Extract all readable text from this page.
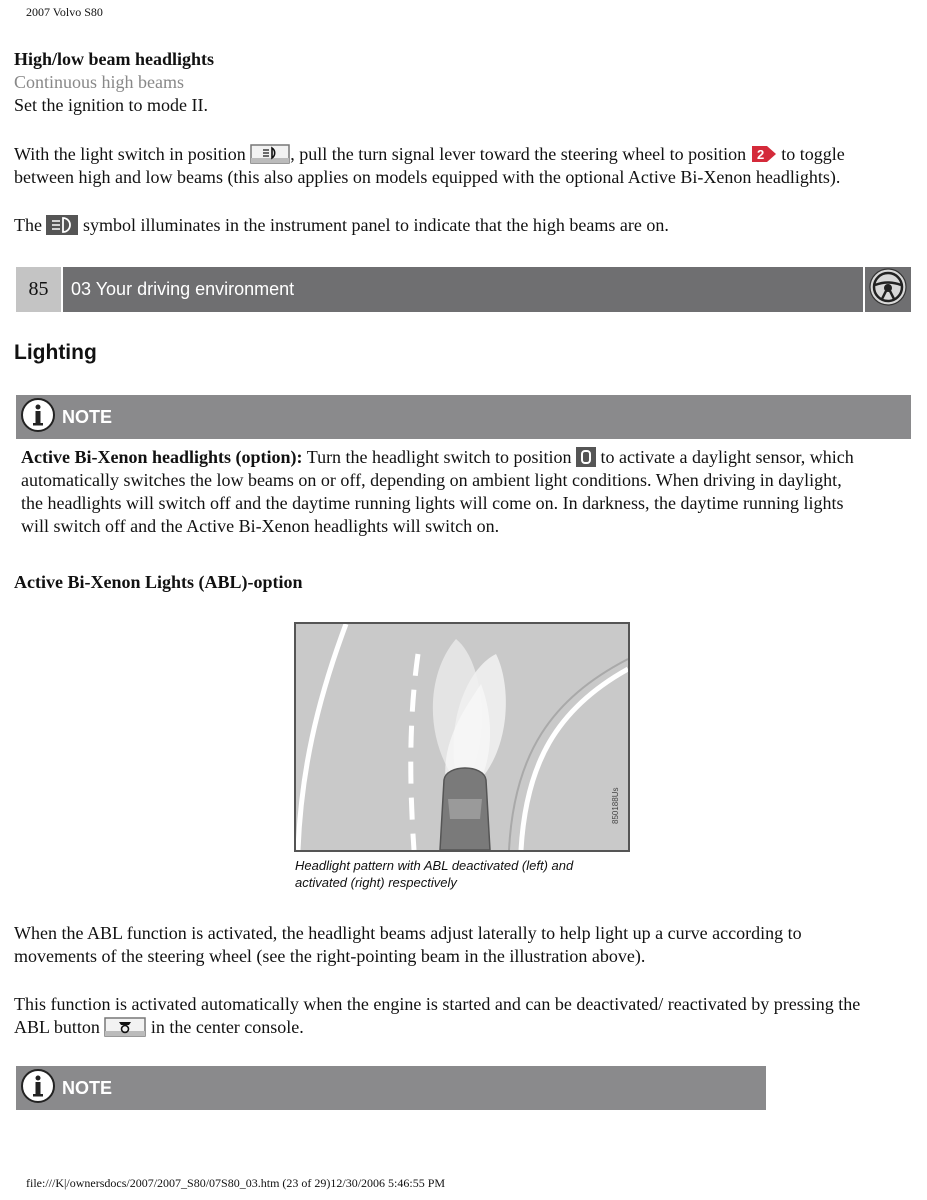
2007 Volvo S80
High/low beam headlights
Continuous high beams
Set the ignition to mode II.
With the light switch in position , pull the turn signal lever toward the steering wheel to position 2 to toggle
between high and low beams (this also applies on models equipped with the optional Active Bi-Xenon headlights).
The symbol illuminates in the instrument panel to indicate that the high beams are on.
85	03 Your driving environment
Lighting
NOTE
Active Bi-Xenon headlights (option): Turn the headlight switch to position to activate a daylight sensor, which
automatically switches the low beams on or off, depending on ambient light conditions. When driving in daylight,
the headlights will switch off and the daytime running lights will come on. In darkness, the daytime running lights
will switch off and the Active Bi-Xenon headlights will switch on.
Active Bi-Xenon Lights (ABL)-option
850188Us
Headlight pattern with ABL deactivated (left) and
activated (right) respectively
When the ABL function is activated, the headlight beams adjust laterally to help light up a curve according to
movements of the steering wheel (see the right-pointing beam in the illustration above).
This function is activated automatically when the engine is started and can be deactivated/ reactivated by pressing the
ABL button	in the center console.
NOTE
file:///K|/ownersdocs/2007/2007_S80/07S80_03.htm (23 of 29)12/30/2006 5:46:55 PM
